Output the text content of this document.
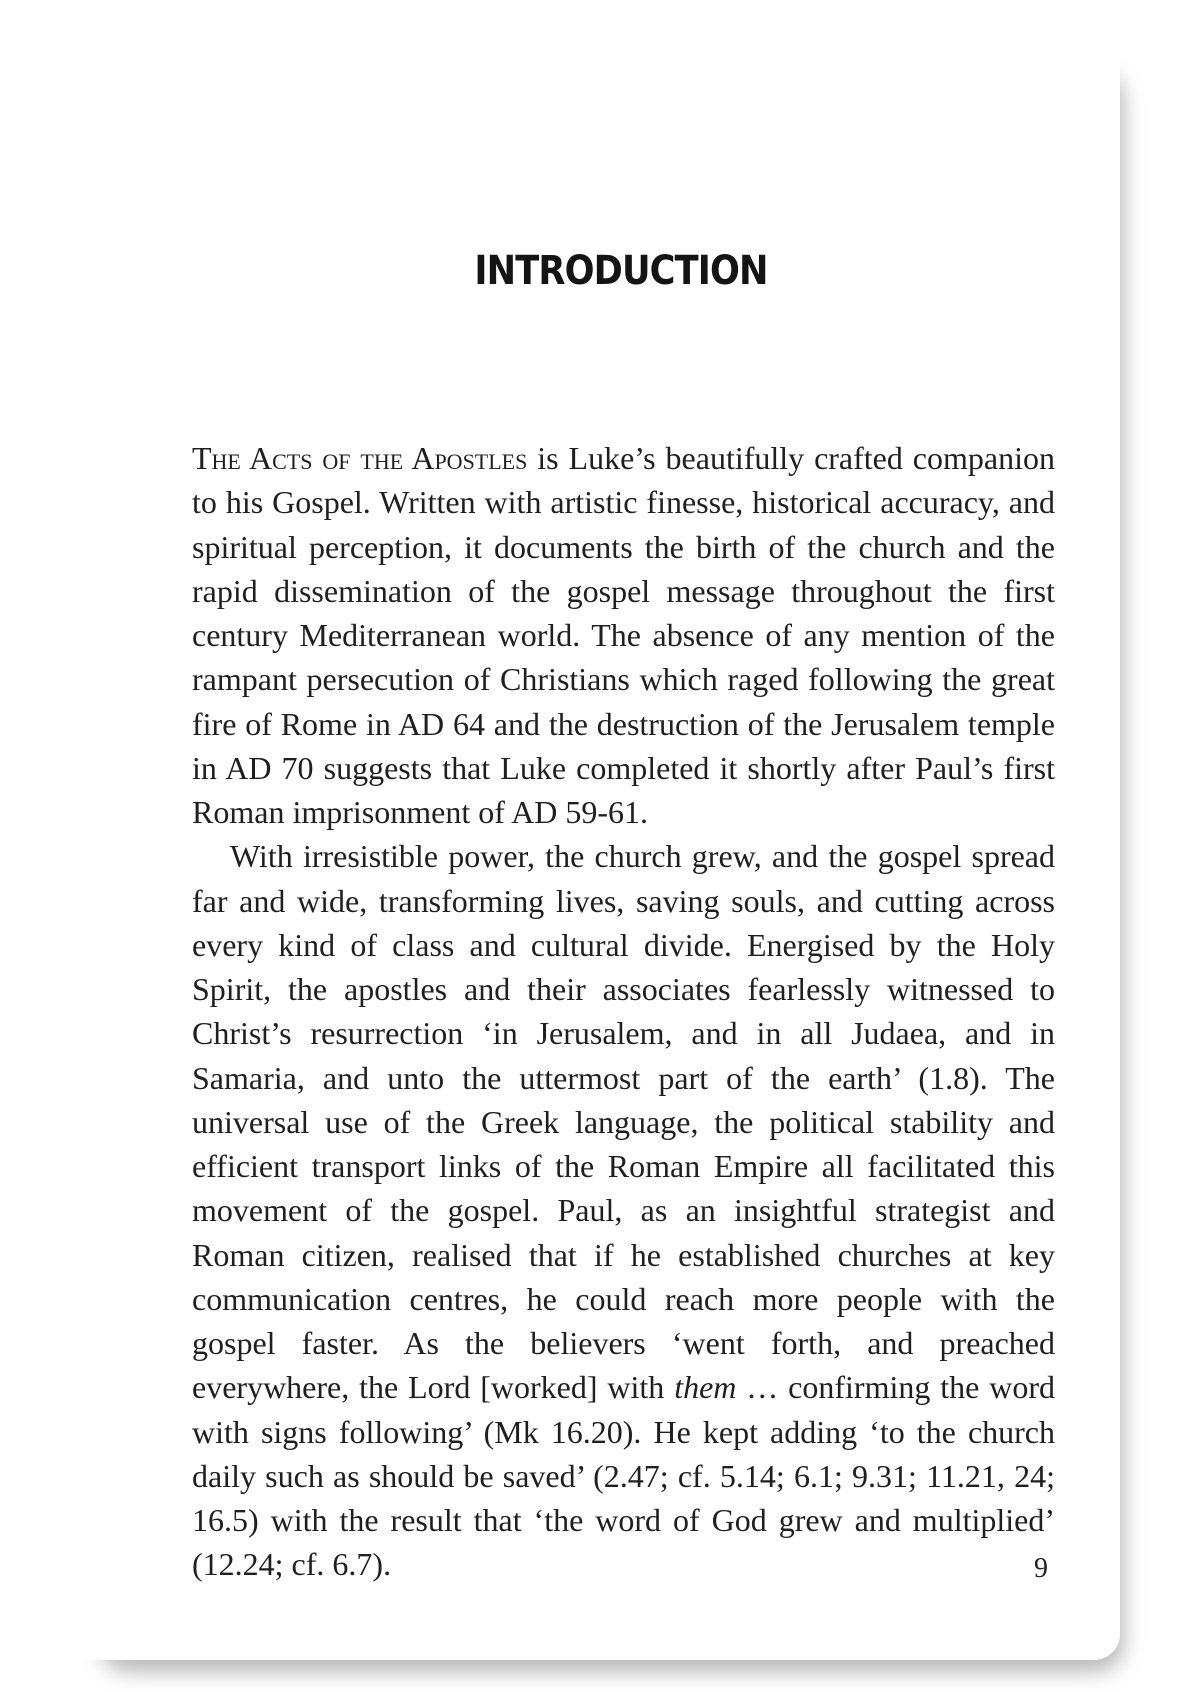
INTRODUCTION

The Acts of the Apostles is Luke’s beautifully crafted companion to his Gospel. Written with artistic finesse, historical accuracy, and spiritual perception, it documents the birth of the church and the rapid dissemination of the gospel message throughout the first century Mediterranean world. The absence of any mention of the rampant persecution of Christians which raged following the great fire of Rome in AD 64 and the destruction of the Jerusalem temple in AD 70 suggests that Luke completed it shortly after Paul’s first Roman imprisonment of AD 59-61.

With irresistible power, the church grew, and the gospel spread far and wide, transforming lives, saving souls, and cutting across every kind of class and cultural divide. Energised by the Holy Spirit, the apostles and their associates fearlessly witnessed to Christ’s resurrection ‘in Jerusalem, and in all Judaea, and in Samaria, and unto the uttermost part of the earth’ (1.8). The universal use of the Greek language, the political stability and efficient transport links of the Roman Empire all facilitated this movement of the gospel. Paul, as an insightful strategist and Roman citizen, realised that if he established churches at key communication centres, he could reach more people with the gospel faster. As the believers ‘went forth, and preached everywhere, the Lord [worked] with them … confirming the word with signs following’ (Mk 16.20). He kept adding ‘to the church daily such as should be saved’ (2.47; cf. 5.14; 6.1; 9.31; 11.21, 24; 16.5) with the result that ‘the word of God grew and multiplied’ (12.24; cf. 6.7).	9
